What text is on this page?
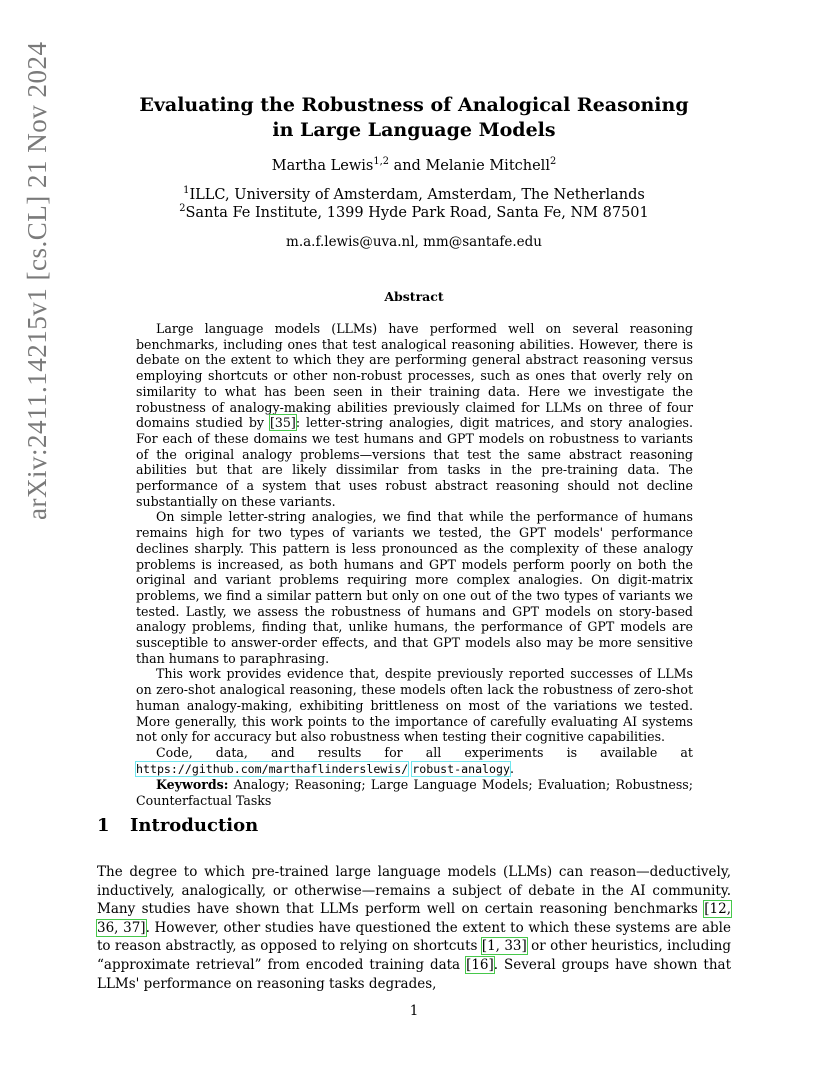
arXiv:2411.14215v1 [cs.CL] 21 Nov 2024	Evaluating the Robustness of Analogical Reasoning
in Large Language Models
Martha Lewis$^{1,2}$ and Melanie Mitchell$^2$
$^1$ILLC, University of Amsterdam, Amsterdam, The Netherlands
$^2$Santa Fe Institute, 1399 Hyde Park Road, Santa Fe, NM 87501
m.a.f.lewis@uva.nl, mm@santafe.edu
Abstract

Large language models (LLMs) have performed well on several reasoning benchmarks, including ones that test analogical reasoning abilities. However, there is debate on the extent to which they are performing general abstract reasoning versus employing shortcuts or other non-robust processes, such as ones that overly rely on similarity to what has been seen in their training data. Here we investigate the robustness of analogy-making abilities previously claimed for LLMs on three of four domains studied by [35]: letter-string analogies, digit matrices, and story analogies. For each of these domains we test humans and GPT models on robustness to variants of the original analogy problems—versions that test the same abstract reasoning abilities but that are likely dissimilar from tasks in the pre-training data. The performance of a system that uses robust abstract reasoning should not decline substantially on these variants.

On simple letter-string analogies, we find that while the performance of humans remains high for two types of variants we tested, the GPT models' performance declines sharply. This pattern is less pronounced as the complexity of these analogy problems is increased, as both humans and GPT models perform poorly on both the original and variant problems requiring more complex analogies. On digit-matrix problems, we find a similar pattern but only on one out of the two types of variants we tested. Lastly, we assess the robustness of humans and GPT models on story-based analogy problems, finding that, unlike humans, the performance of GPT models are susceptible to answer-order effects, and that GPT models also may be more sensitive than humans to paraphrasing.

This work provides evidence that, despite previously reported successes of LLMs on zero-shot analogical reasoning, these models often lack the robustness of zero-shot human analogy-making, exhibiting brittleness on most of the variations we tested. More generally, this work points to the importance of carefully evaluating AI systems not only for accuracy but also robustness when testing their cognitive capabilities.

Code, data, and results for all experiments is available at https://github.com/marthaflinderslewis/ robust-analogy.

Keywords: Analogy; Reasoning; Large Language Models; Evaluation; Robustness; Counterfactual Tasks

1 Introduction

The degree to which pre-trained large language models (LLMs) can reason—deductively, inductively, analogically, or otherwise—remains a subject of debate in the AI community. Many studies have shown that LLMs perform well on certain reasoning benchmarks [12, 36, 37]. However, other studies have questioned the extent to which these systems are able to reason abstractly, as opposed to relying on shortcuts [1, 33] or other heuristics, including “approximate retrieval” from encoded training data [16]. Several groups have shown that LLMs' performance on reasoning tasks degrades,

1
